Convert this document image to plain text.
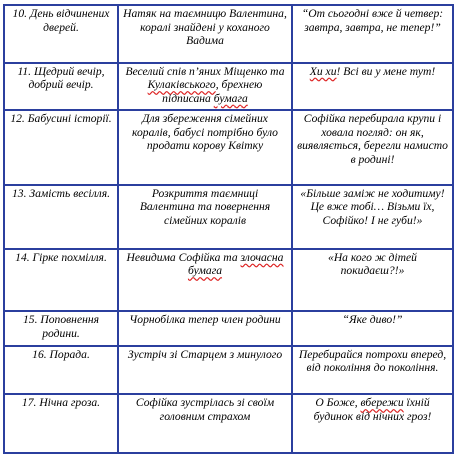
10. День відчинених дверей.	Натяк на таємницю Валентина, коралі знайдені у коханого Вадима	“От сьогодні вже й четвер: завтра, завтра, не тепер!”
11. Щедрий вечір, добрий вечір.	Веселий спів п’яних Міщенко та Кулаківського, брехнею підписана бумага	Хи хи! Всі ви у мене тут!
12. Бабусині історії.	Для збереження сімейних коралів, бабусі потрібно було продати корову Квітку	Софійка перебирала крупи і ховала погляд: он як, виявляється, берегли намисто в родині!
13. Замість весілля.	Розкриття таємниці Валентина та повернення сімейних коралів	«Більше заміж не ходитиму! Це вже тобі… Візьми їх, Софійко! І не губи!»
14. Гірке похмілля.	Невидима Софійка та злочасна бумага	«На кого ж дітей покидаєш?!»
15. Поповнення родини.	Чорнобілка тепер член родини	“Яке диво!”
16. Порада.	Зустріч зі Старцем з минулого	Перебирайся потрохи вперед, від покоління до покоління.
17. Нічна гроза.	Софійка зустрілась зі своїм головним страхом	О Боже, вбережи їхній будинок від нічних гроз!
